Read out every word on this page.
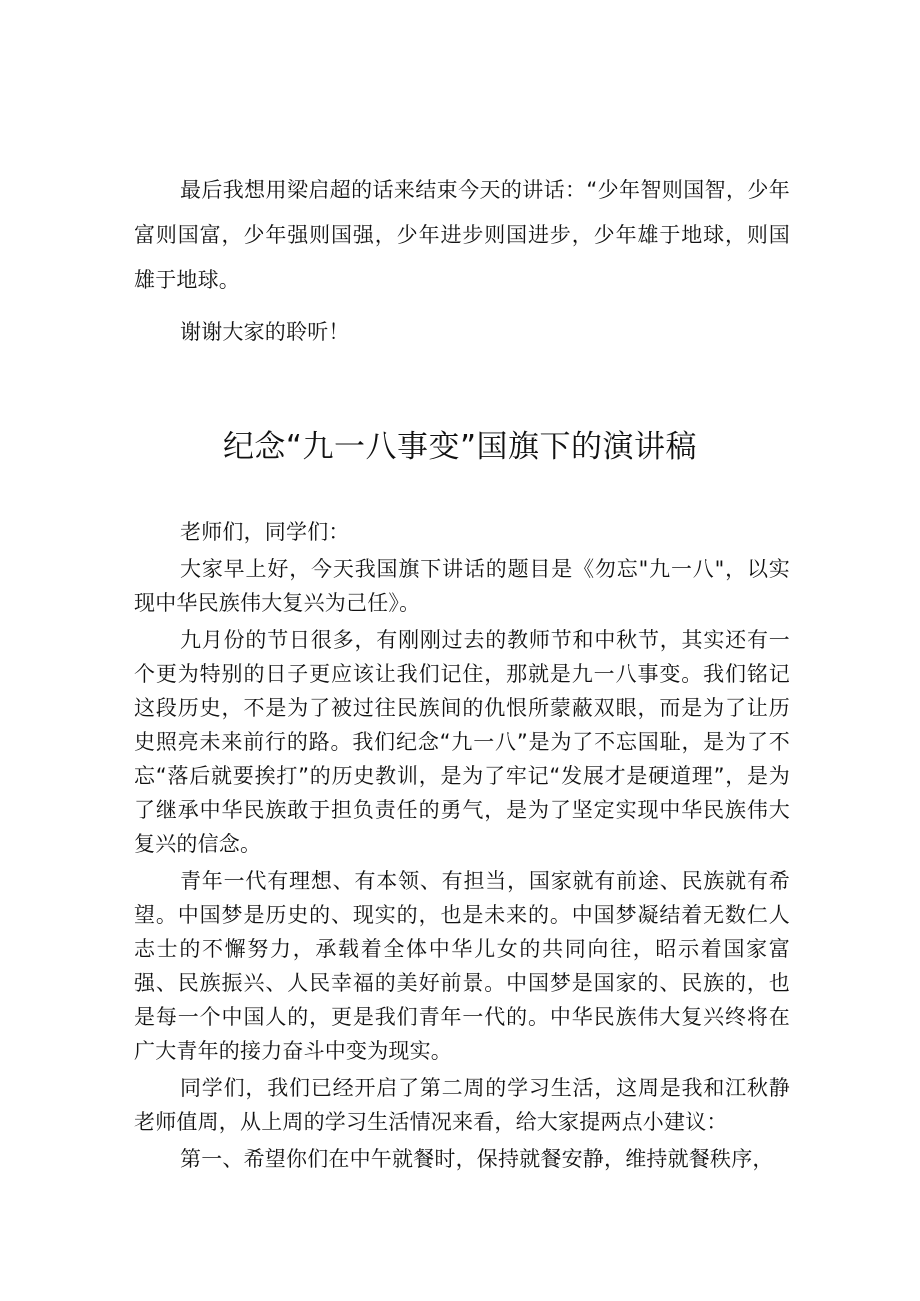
最后我想用梁启超的话来结束今天的讲话：“少年智则国智，少年富则国富，少年强则国强，少年进步则国进步，少年雄于地球，则国雄于地球。

谢谢大家的聆听！

纪念“九一八事变”国旗下的演讲稿

老师们，同学们：

大家早上好，今天我国旗下讲话的题目是《勿忘"九一八"，以实现中华民族伟大复兴为己任》。

九月份的节日很多，有刚刚过去的教师节和中秋节，其实还有一个更为特别的日子更应该让我们记住，那就是九一八事变。我们铭记这段历史，不是为了被过往民族间的仇恨所蒙蔽双眼，而是为了让历史照亮未来前行的路。我们纪念“九一八”是为了不忘国耻，是为了不忘“落后就要挨打”的历史教训，是为了牢记“发展才是硬道理”，是为了继承中华民族敢于担负责任的勇气，是为了坚定实现中华民族伟大复兴的信念。

青年一代有理想、有本领、有担当，国家就有前途、民族就有希望。中国梦是历史的、现实的，也是未来的。中国梦凝结着无数仁人志士的不懈努力，承载着全体中华儿女的共同向往，昭示着国家富强、民族振兴、人民幸福的美好前景。中国梦是国家的、民族的，也是每一个中国人的，更是我们青年一代的。中华民族伟大复兴终将在广大青年的接力奋斗中变为现实。

同学们，我们已经开启了第二周的学习生活，这周是我和江秋静老师值周，从上周的学习生活情况来看，给大家提两点小建议：

第一、希望你们在中午就餐时，保持就餐安静，维持就餐秩序，
